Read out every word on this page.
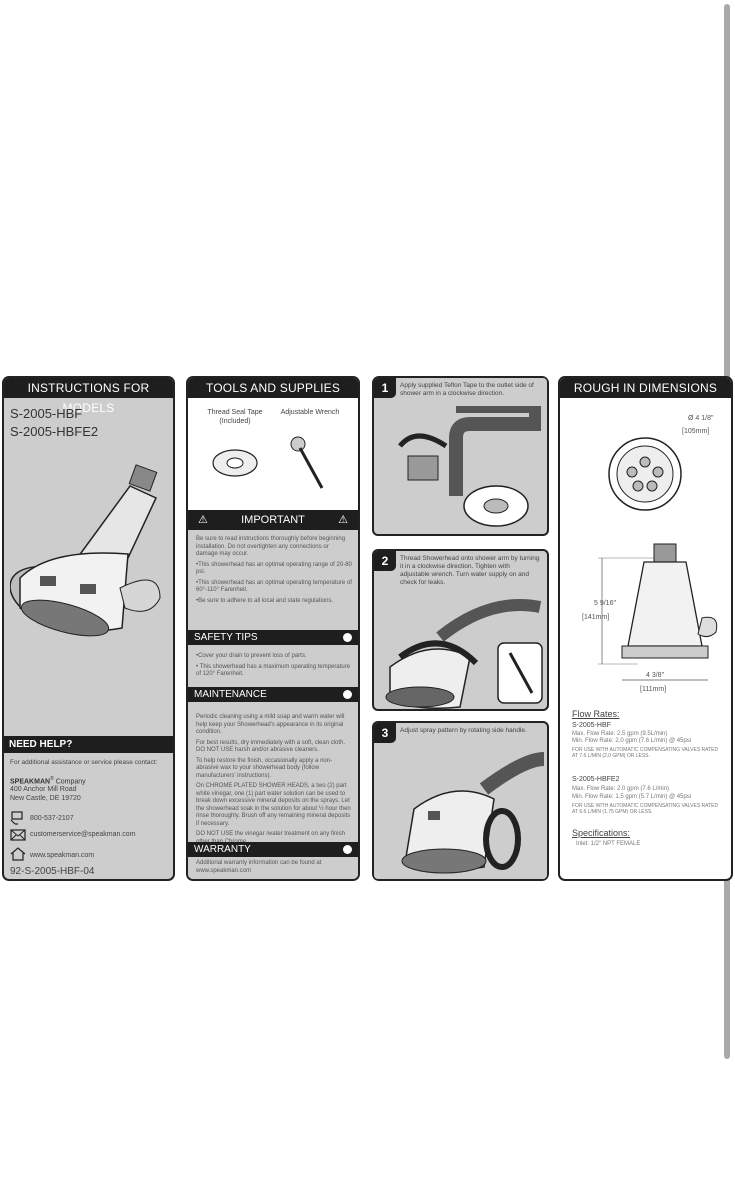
INSTRUCTIONS FOR MODELS
S-2005-HBF
S-2005-HBFE2
NEED HELP?
For additional assistance or service please contact:
SPEAKMAN® Company
400 Anchor Mill Road
New Castle, DE 19720
800-537-2107
customerservice@speakman.com
www.speakman.com
92-S-2005-HBF-04
TOOLS AND SUPPLIES
Thread Seal Tape (Included)
Adjustable Wrench
⚠	IMPORTANT	⚠

Be sure to read instructions thoroughly before beginning installation. Do not overtighten any connections or damage may occur.

•This showerhead has an optimal operating range of 20-80 psi.

•This showerhead has an optimal operating temperature of 60°-110° Farenheit.

•Be sure to adhere to all local and state regulations.

SAFETY TIPS

•Cover your drain to prevent loss of parts.

• This showerhead has a maximum operating temperature of 120° Farenheit.

MAINTENANCE

Periodic cleaning using a mild soap and warm water will help keep your Showerhead's appearance in its original condition.

For best results, dry immediately with a soft, clean cloth. DO NOT USE harsh and/or abrasive cleaners.

To help restore the finish, occasionally apply a non-abrasive wax to your showerhead body (follow manufacturers' instructions).

On CHROME PLATED SHOWER HEADS, a two (2) part white vinegar, one (1) part water solution can be used to break down excessive mineral deposits on the sprays. Let the showerhead soak in the solution for about ½ hour then rinse thoroughly. Brush off any remaining mineral deposits if necessary.

DO NOT USE the vinegar /water treatment on any finish

WARRANTY
Additional warranty information can be found at www.speakman.com
1	Apply supplied Teflon Tape to the outlet side of shower arm in a clockwise direction.
2	Thread Showerhead onto shower arm by turning it in a clockwise direction. Tighten with adjustable wrench. Turn water supply on and check for leaks.
3	Adjust spray pattern by rotating side handle.
ROUGH IN DIMENSIONS
Ø 4 1/8"
[105mm]
5 9/16"
[141mm]
4 3/8"
[111mm]
Flow Rates:
S-2005-HBF
Max. Flow Rate: 2.5 gpm (9.5L/min)
Min. Flow Rate: 2.0 gpm (7.6 L/min) @ 45psi
FOR USE WITH AUTOMATIC COMPENSATING VALVES RATED AT 7.6 L/MIN (2.0 GPM) OR LESS.
S-2005-HBFE2
Max. Flow Rate: 2.0 gpm (7.6 L/min)
Min. Flow Rate: 1.5 gpm (5.7 L/min) @ 45psi
FOR USE WITH AUTOMATIC COMPENSATING VALVES RATED AT 6.6 L/MIN (1.75 GPM) OR LESS.
Specifications:
Inlet: 1/2" NPT FEMALE
